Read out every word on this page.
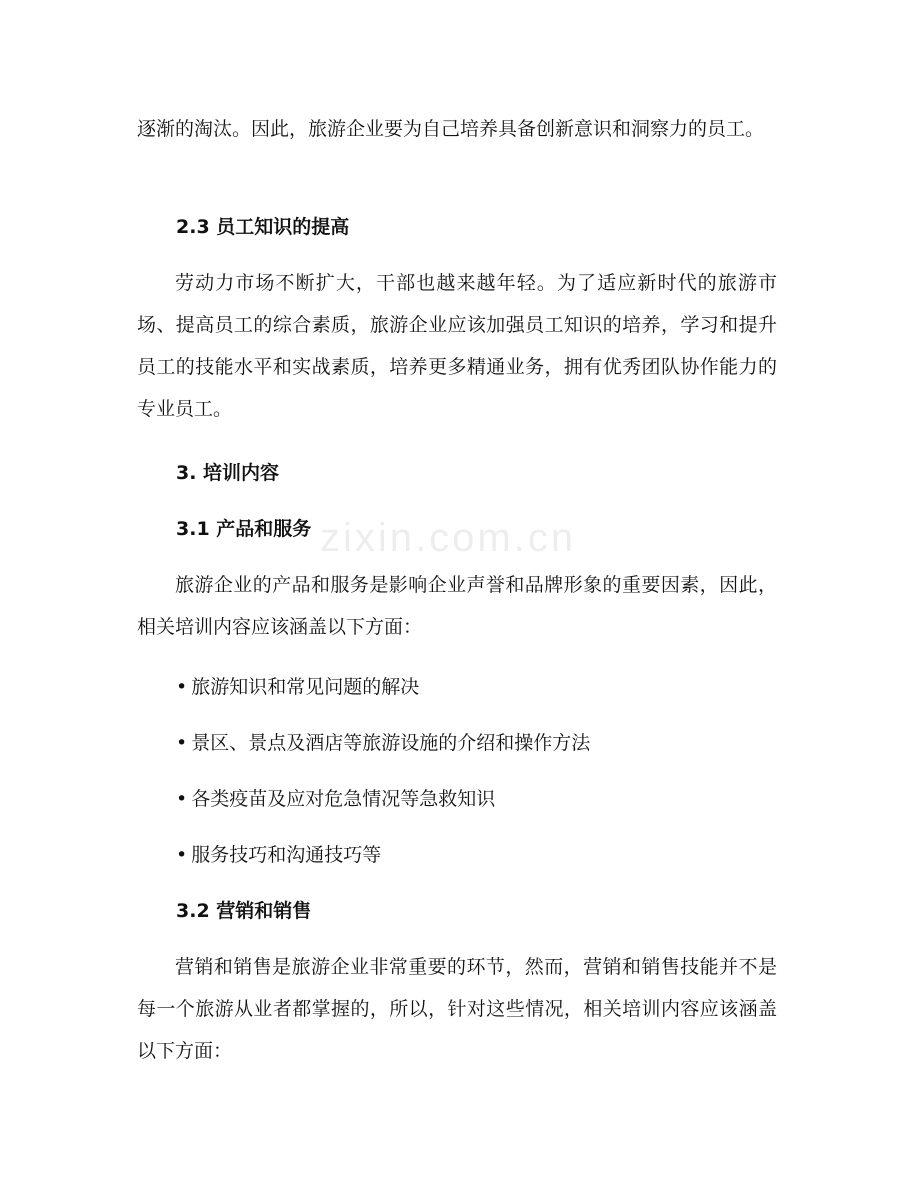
zixin.com.cn

逐渐的淘汰。因此，旅游企业要为自己培养具备创新意识和洞察力的员工。

2.3 员工知识的提高

劳动力市场不断扩大，干部也越来越年轻。为了适应新时代的旅游市场、提高员工的综合素质，旅游企业应该加强员工知识的培养，学习和提升员工的技能水平和实战素质，培养更多精通业务，拥有优秀团队协作能力的专业员工。

3. 培训内容

3.1 产品和服务

旅游企业的产品和服务是影响企业声誉和品牌形象的重要因素，因此，相关培训内容应该涵盖以下方面：

• 旅游知识和常见问题的解决

• 景区、景点及酒店等旅游设施的介绍和操作方法

• 各类疫苗及应对危急情况等急救知识

• 服务技巧和沟通技巧等

3.2 营销和销售

营销和销售是旅游企业非常重要的环节，然而，营销和销售技能并不是每一个旅游从业者都掌握的，所以，针对这些情况，相关培训内容应该涵盖以下方面：
